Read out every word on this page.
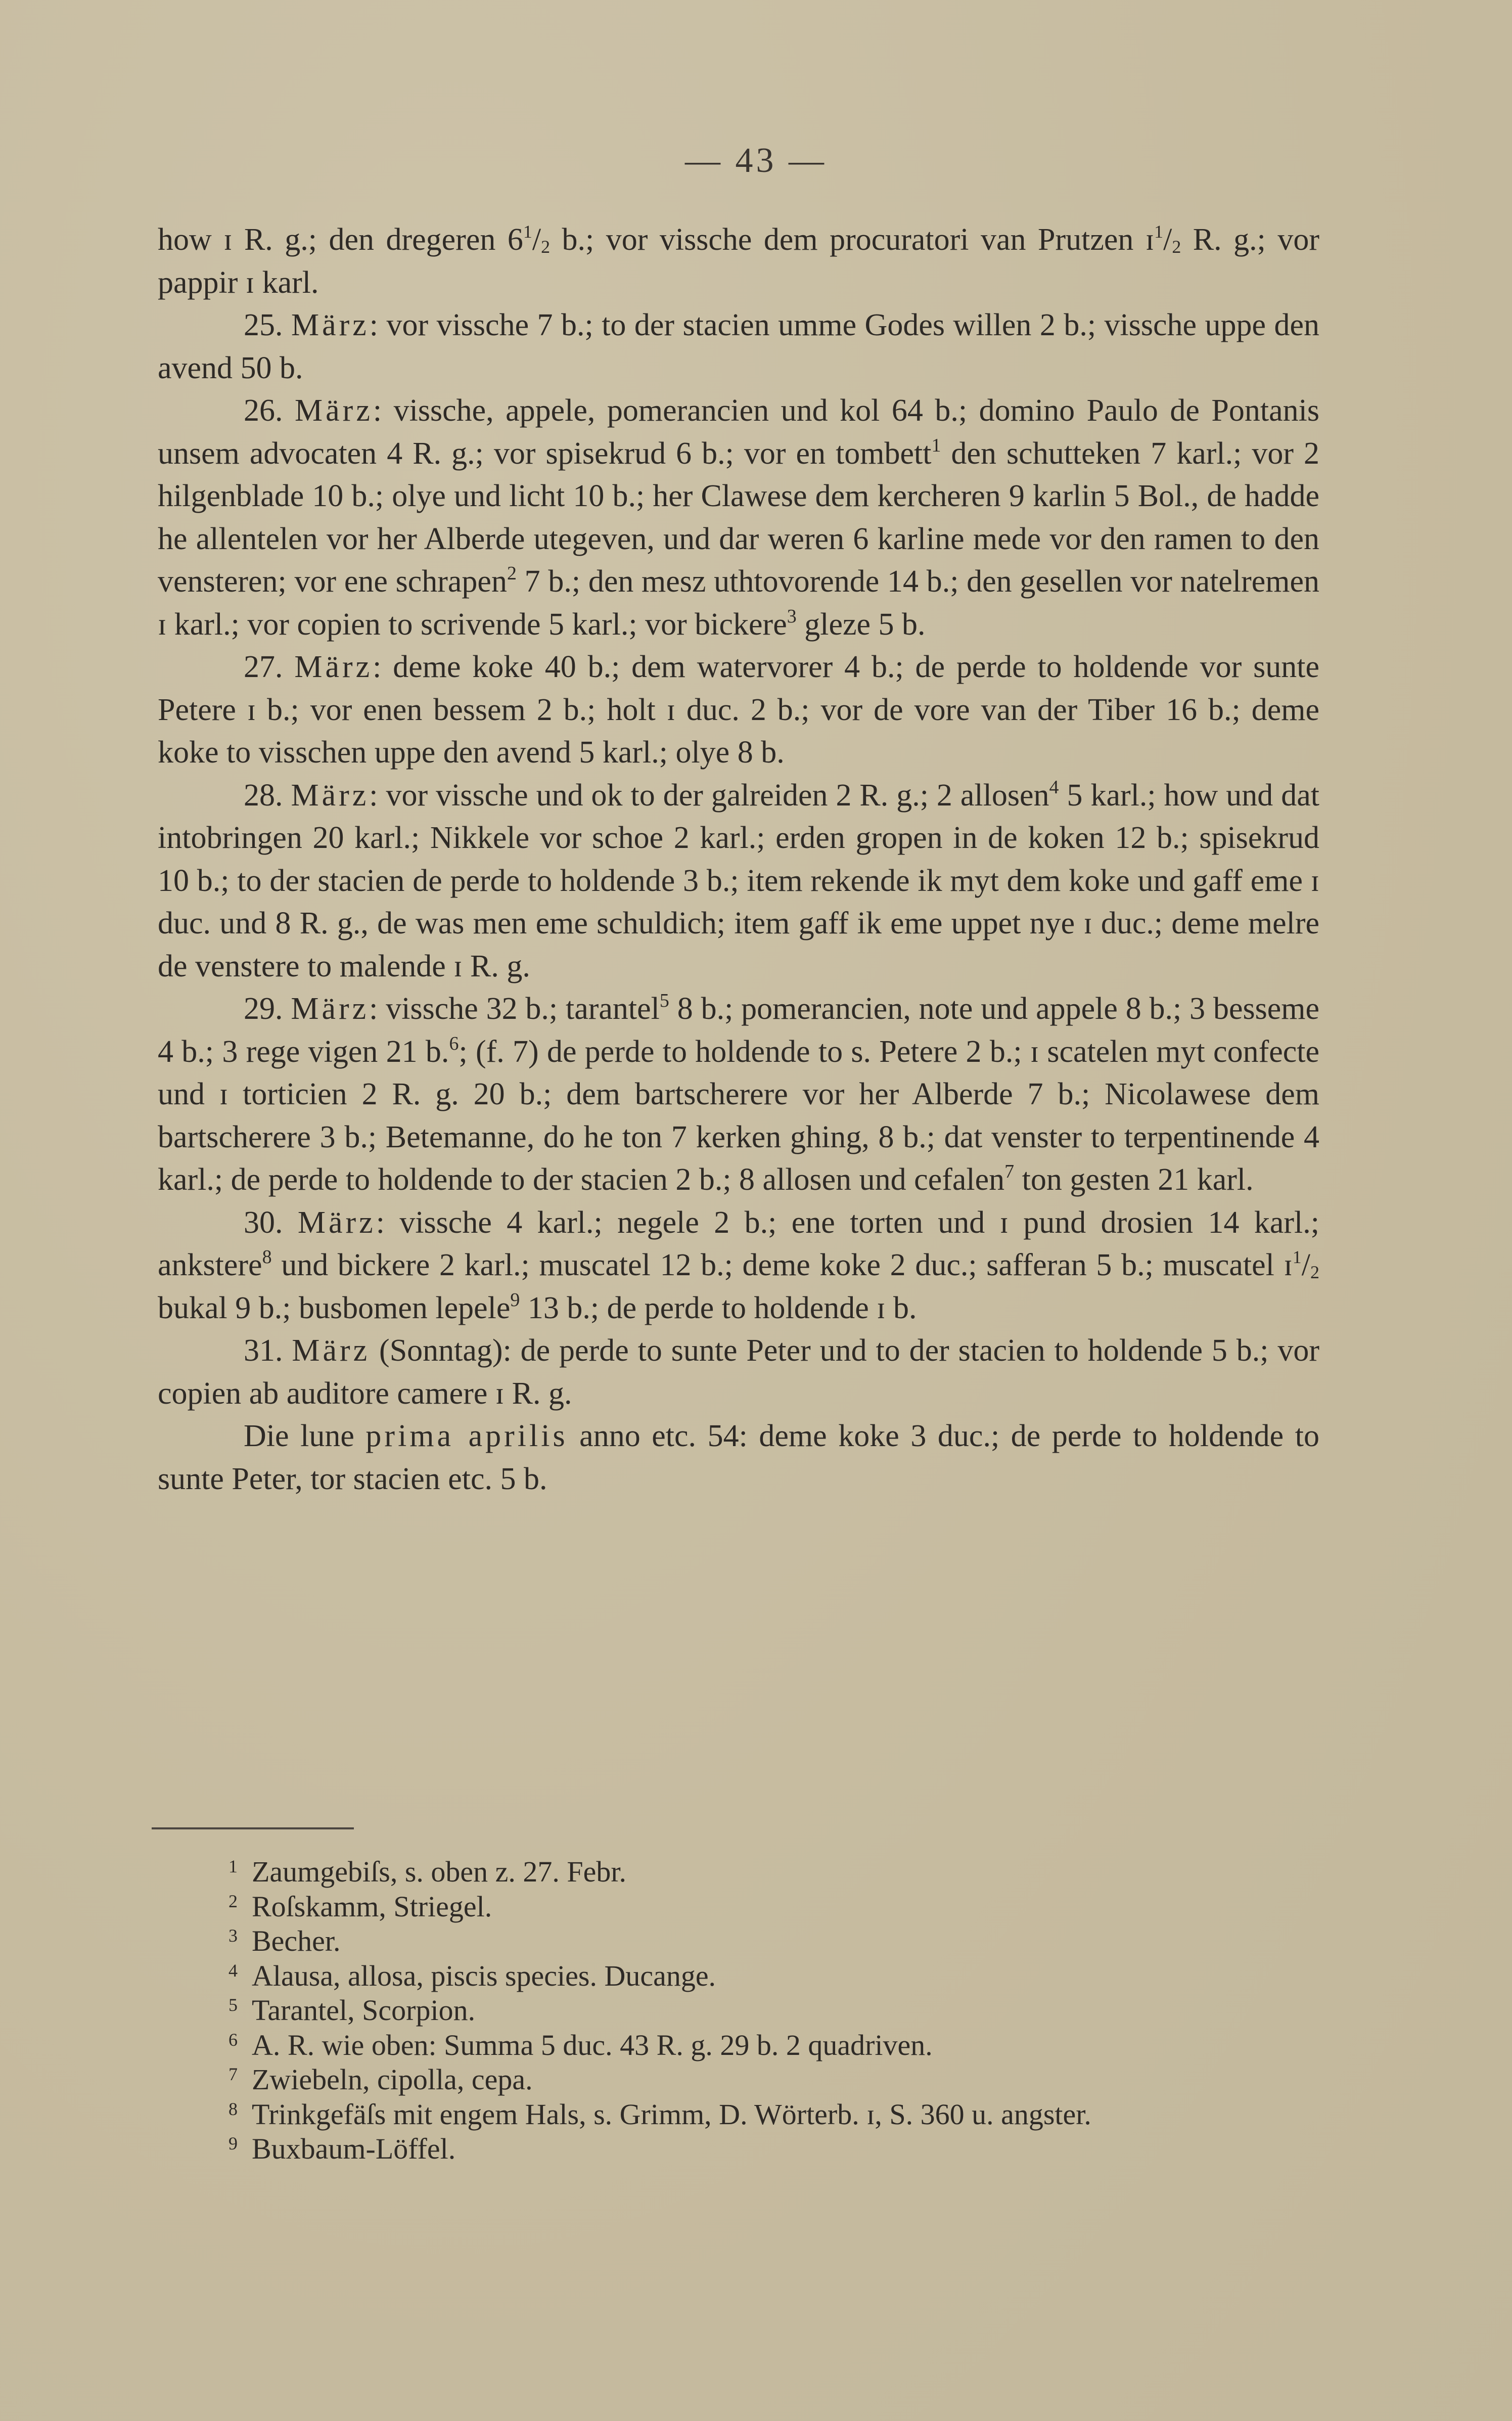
— 43 —

how ɪ R. g.; den dregeren $6^1/_2$ b.; vor vissche dem procuratori van Prutzen $ɪ^1/_2$ R. g.; vor pappir ɪ karl.

25. März: vor vissche 7 b.; to der stacien umme Godes willen 2 b.; vissche uppe den avend 50 b.

26. März: vissche, appele, pomerancien und kol 64 b.; domino Paulo de Pontanis unsem advocaten 4 R. g.; vor spisekrud 6 b.; vor en tombett$^1$ den schutteken 7 karl.; vor 2 hilgenblade 10 b.; olye und licht 10 b.; her Clawese dem kercheren 9 karlin 5 Bol., de hadde he allentelen vor her Alberde utegeven, und dar weren 6 karline mede vor den ramen to den vensteren; vor ene schrapen$^2$ 7 b.; den mesz uthtovorende 14 b.; den gesellen vor natelremen ɪ karl.; vor copien to scrivende 5 karl.; vor bickere$^3$ gleze 5 b.

27. März: deme koke 40 b.; dem watervorer 4 b.; de perde to holdende vor sunte Petere ɪ b.; vor enen bessem 2 b.; holt ɪ duc. 2 b.; vor de vore van der Tiber 16 b.; deme koke to visschen uppe den avend 5 karl.; olye 8 b.

28. März: vor vissche und ok to der galreiden 2 R. g.; 2 allosen$^4$ 5 karl.; how und dat intobringen 20 karl.; Nikkele vor schoe 2 karl.; erden gropen in de koken 12 b.; spisekrud 10 b.; to der stacien de perde to holdende 3 b.; item rekende ik myt dem koke und gaff eme ɪ duc. und 8 R. g., de was men eme schuldich; item gaff ik eme uppet nye ɪ duc.; deme melre de venstere to malende ɪ R. g.

29. März: vissche 32 b.; tarantel$^5$ 8 b.; pomerancien, note und appele 8 b.; 3 besseme 4 b.; 3 rege vigen 21 b.$^6$; (f. 7) de perde to holdende to s. Petere 2 b.; ɪ scatelen myt confecte und ɪ torticien 2 R. g. 20 b.; dem bartscherere vor her Alberde 7 b.; Nicolawese dem bartscherere 3 b.; Betemanne, do he ton 7 kerken ghing, 8 b.; dat venster to terpentinende 4 karl.; de perde to holdende to der stacien 2 b.; 8 allosen und cefalen$^7$ ton gesten 21 karl.

30. März: vissche 4 karl.; negele 2 b.; ene torten und ɪ pund drosien 14 karl.; ankstere$^8$ und bickere 2 karl.; muscatel 12 b.; deme koke 2 duc.; safferan 5 b.; muscatel $ɪ^1/_2$ bukal 9 b.; busbomen lepele$^9$ 13 b.; de perde to holdende ɪ b.

31. März (Sonntag): de perde to sunte Peter und to der stacien to holdende 5 b.; vor copien ab auditore camere ɪ R. g.

Die lune prima aprilis anno etc. 54: deme koke 3 duc.; de perde to holdende to sunte Peter, tor stacien etc. 5 b.

1 Zaumgebiſs, s. oben z. 27. Febr.

2 Roſskamm, Striegel.

3 Becher.

4 Alausa, allosa, piscis species. Ducange.

5 Tarantel, Scorpion.

6 A. R. wie oben: Summa 5 duc. 43 R. g. 29 b. 2 quadriven.

7 Zwiebeln, cipolla, cepa.

8 Trinkgefäſs mit engem Hals, s. Grimm, D. Wörterb. ɪ, S. 360 u. angster.

9 Buxbaum-Löffel.
